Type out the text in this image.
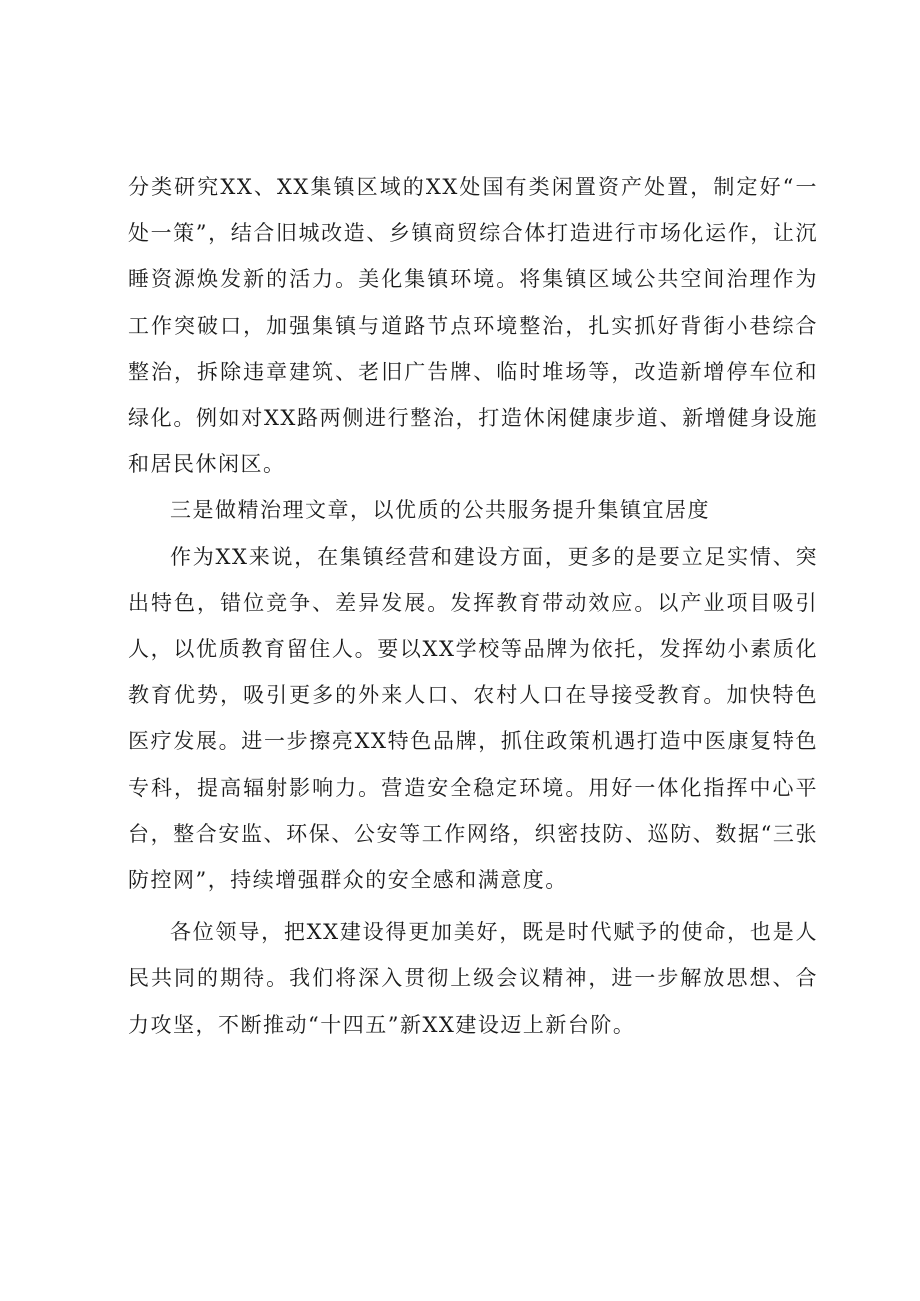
分类研究XX、XX集镇区域的XX处国有类闲置资产处置，制定好“一处一策”，结合旧城改造、乡镇商贸综合体打造进行市场化运作，让沉睡资源焕发新的活力。美化集镇环境。将集镇区域公共空间治理作为工作突破口，加强集镇与道路节点环境整治，扎实抓好背街小巷综合整治，拆除违章建筑、老旧广告牌、临时堆场等，改造新增停车位和绿化。例如对XX路两侧进行整治，打造休闲健康步道、新增健身设施和居民休闲区。

三是做精治理文章，以优质的公共服务提升集镇宜居度

作为XX来说，在集镇经营和建设方面，更多的是要立足实情、突出特色，错位竞争、差异发展。发挥教育带动效应。以产业项目吸引人，以优质教育留住人。要以XX学校等品牌为依托，发挥幼小素质化教育优势，吸引更多的外来人口、农村人口在导接受教育。加快特色医疗发展。进一步擦亮XX特色品牌，抓住政策机遇打造中医康复特色专科，提高辐射影响力。营造安全稳定环境。用好一体化指挥中心平台，整合安监、环保、公安等工作网络，织密技防、巡防、数据“三张防控网”，持续增强群众的安全感和满意度。

各位领导，把XX建设得更加美好，既是时代赋予的使命，也是人民共同的期待。我们将深入贯彻上级会议精神，进一步解放思想、合力攻坚，不断推动“十四五”新XX建设迈上新台阶。
